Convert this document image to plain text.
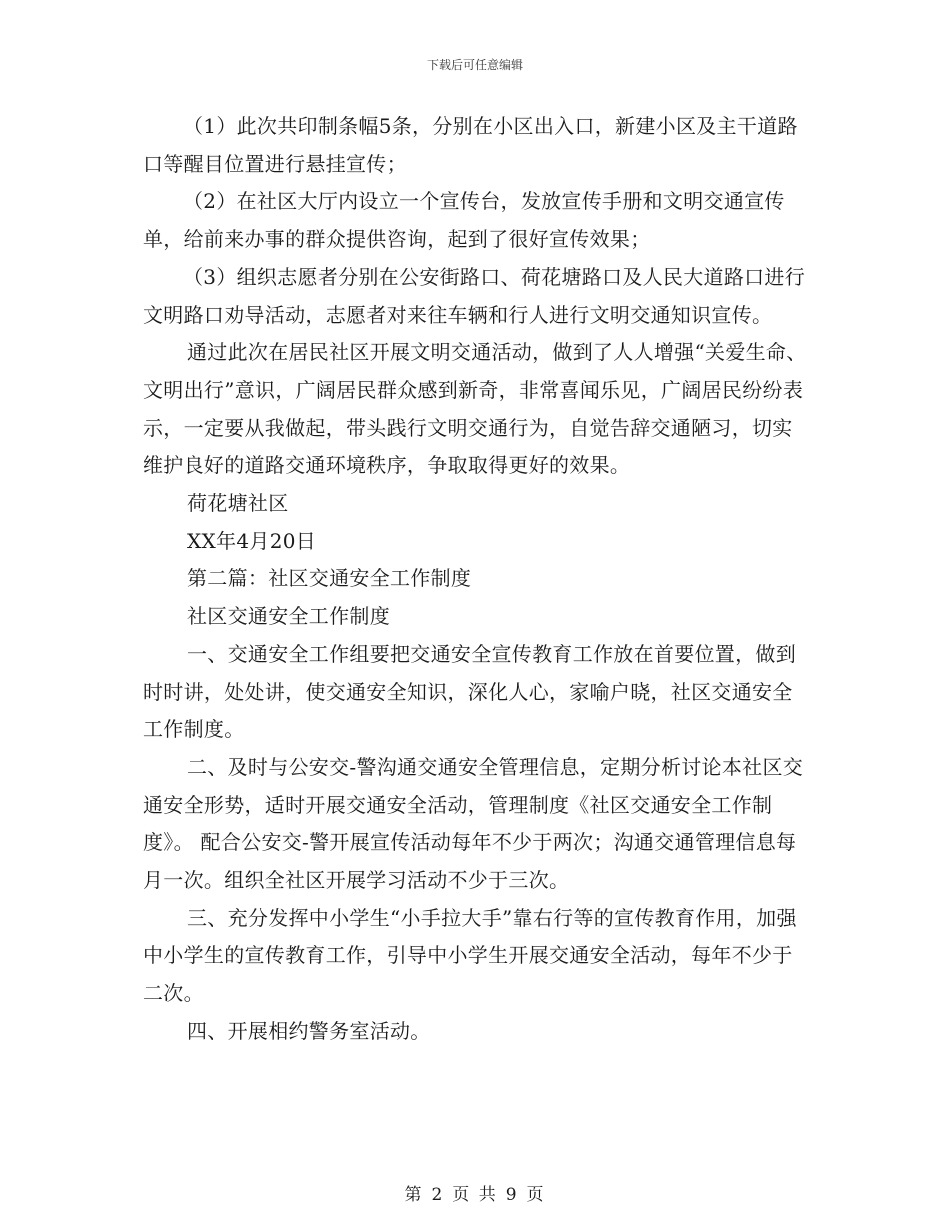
下载后可任意编辑

（1）此次共印制条幅5条，分别在小区出入口，新建小区及主干道路口等醒目位置进行悬挂宣传；

（2）在社区大厅内设立一个宣传台，发放宣传手册和文明交通宣传单，给前来办事的群众提供咨询，起到了很好宣传效果；

（3）组织志愿者分别在公安街路口、荷花塘路口及人民大道路口进行文明路口劝导活动，志愿者对来往车辆和行人进行文明交通知识宣传。

通过此次在居民社区开展文明交通活动，做到了人人增强“关爱生命、文明出行”意识，广阔居民群众感到新奇，非常喜闻乐见，广阔居民纷纷表示，一定要从我做起，带头践行文明交通行为，自觉告辞交通陋习，切实维护良好的道路交通环境秩序，争取取得更好的效果。

荷花塘社区

XX年4月20日

第二篇：社区交通安全工作制度

社区交通安全工作制度

一、交通安全工作组要把交通安全宣传教育工作放在首要位置，做到时时讲，处处讲，使交通安全知识，深化人心，家喻户晓，社区交通安全工作制度。

二、及时与公安交-警沟通交通安全管理信息，定期分析讨论本社区交通安全形势，适时开展交通安全活动，管理制度《社区交通安全工作制度》。 配合公安交-警开展宣传活动每年不少于两次；沟通交通管理信息每月一次。组织全社区开展学习活动不少于三次。

三、充分发挥中小学生“小手拉大手”靠右行等的宣传教育作用，加强中小学生的宣传教育工作，引导中小学生开展交通安全活动，每年不少于二次。

四、开展相约警务室活动。

第 2 页 共 9 页
